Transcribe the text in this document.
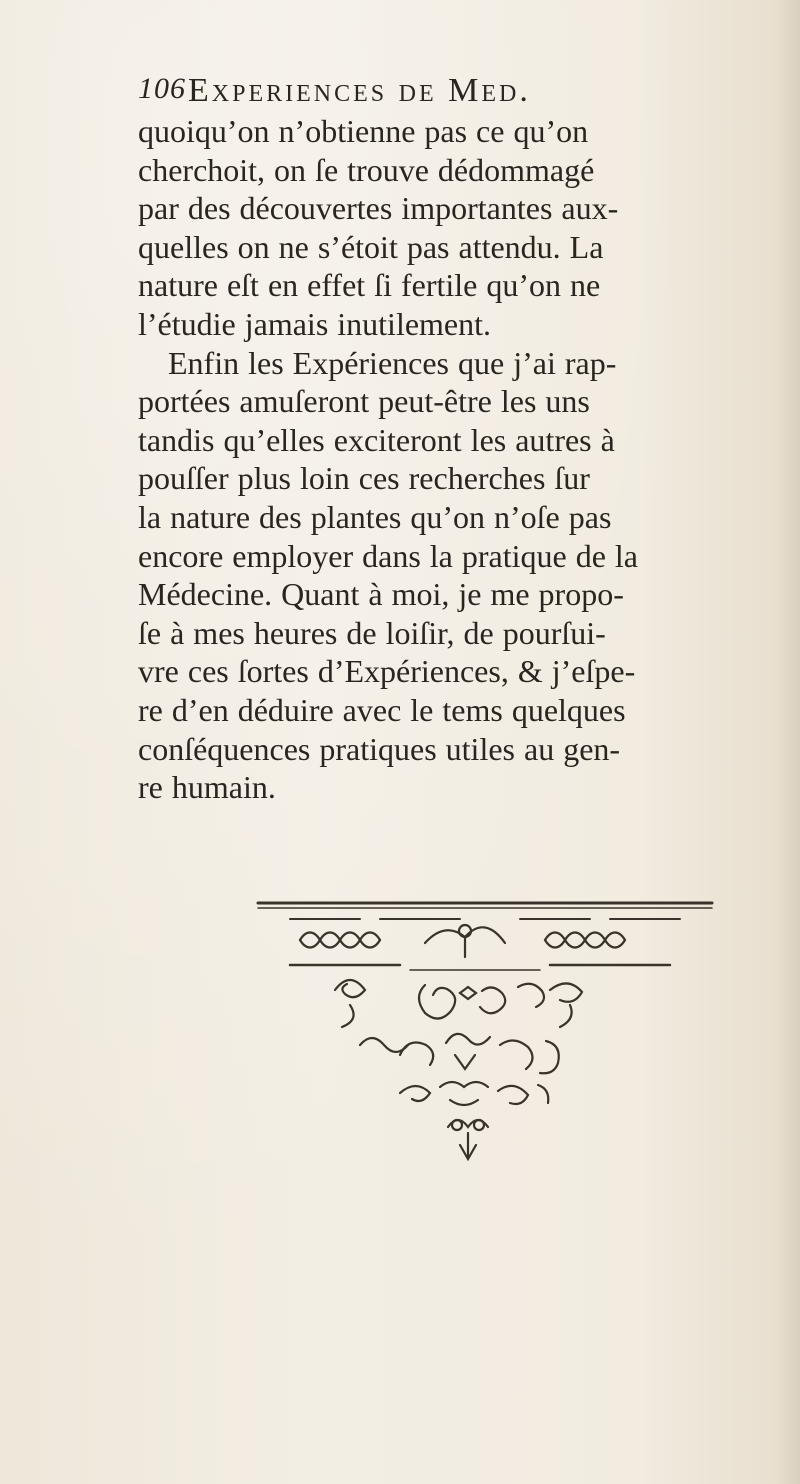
106 Experiences de Med.
quoiqu’on n’obtienne pas ce qu’on
cherchoit, on ſe trouve dédommagé
par des découvertes importantes aux-
quelles on ne s’étoit pas attendu. La
nature eſt en effet ſi fertile qu’on ne
l’étudie jamais inutilement.
Enfin les Expériences que j’ai rap-
portées amuſeront peut-être les uns
tandis qu’elles exciteront les autres à
pouſſer plus loin ces recherches ſur
la nature des plantes qu’on n’oſe pas
encore employer dans la pratique de la
Médecine. Quant à moi, je me propo-
ſe à mes heures de loiſir, de pourſui-
vre ces ſortes d’Expériences, & j’eſpe-
re d’en déduire avec le tems quelques
conſéquences pratiques utiles au gen-
re humain.
